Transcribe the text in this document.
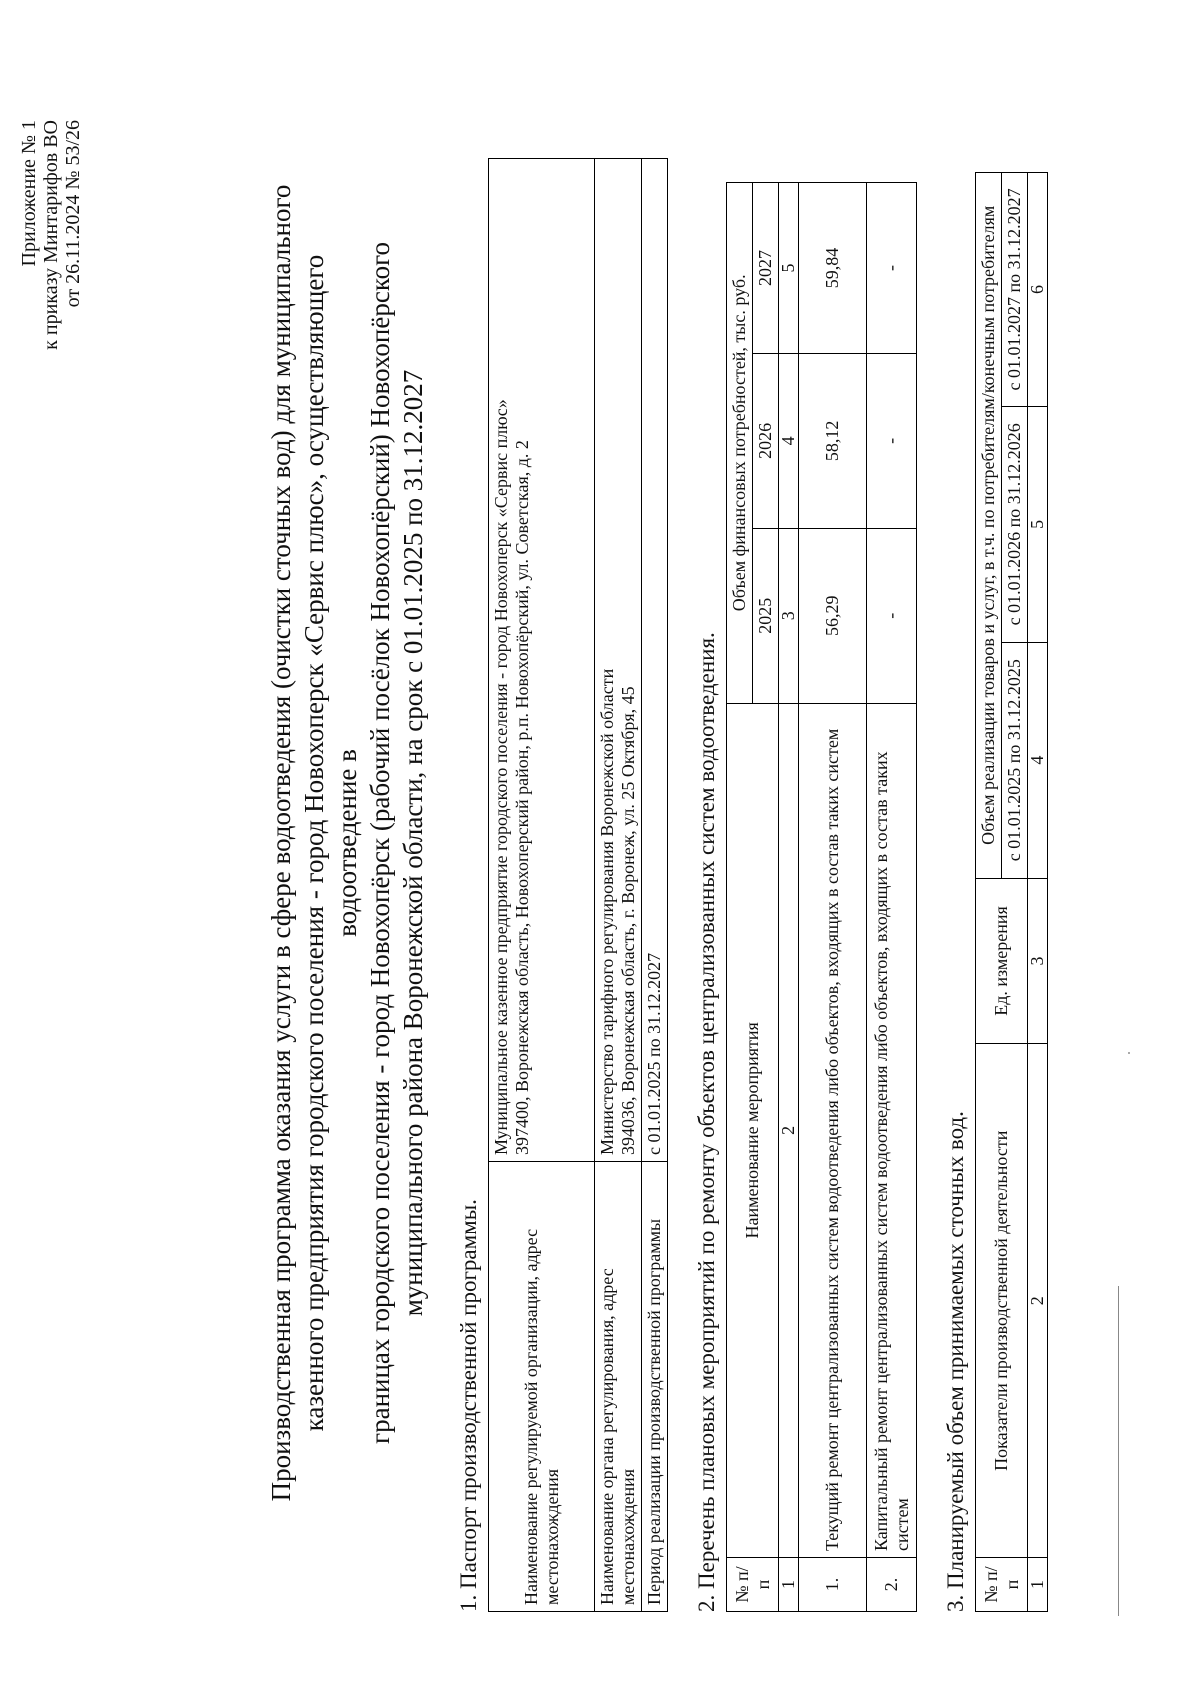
Приложение № 1 к приказу Минтарифов ВО от 26.11.2024 № 53/26	Производственная программа оказания услуги в сфере водоотведения (очистки сточных вод) для муниципального казенного предприятия городского поселения - город Новохоперск «Сервис плюс», осуществляющего водоотведение в границах городского поселения - город Новохопёрск (рабочий посёлок Новохопёрский) Новохопёрского муниципального района Воронежской области, на срок с 01.01.2025 по 31.12.2027
1. Паспорт производственной программы. Наименование регулируемой организации, адрес местонахождения	Муниципальное казенное предприятие городского поселения - город Новохоперск «Сервис плюс» 397400, Воронежская область, Новохоперский район, р.п. Новохопёрский, ул. Советская, д. 2

Наименование органа регулирования, адрес местонахождения	Министерство тарифного регулирования Воронежской области 394036, Воронежская область, г. Воронеж, ул. 25 Октября, 45

Период реализации производственной программы	с 01.01.2025 по 31.12.2027 2. Перечень плановых мероприятий по ремонту объектов централизованных систем водоотведения. № п/п	Наименование мероприятия	Объем финансовых потребностей, тыс. руб.		
		2025	2026	2027
1	2	3	4	5
1.	Текущий ремонт централизованных систем водоотведения либо объектов, входящих в состав таких систем	56,29	58,12	59,84
2.	Капитальный ремонт централизованных систем водоотведения либо объектов, входящих в состав таких систем	-	-	-
3. Планируемый объем принимаемых сточных вод. № п/п	Показатели производственной деятельности	Ед. измерения	Объем реализации товаров и услуг, в т.ч. по потребителям/конечным потребителям		
			с 01.01.2025 по 31.12.2025	с 01.01.2026 по 31.12.2026	с 01.01.2027 по 31.12.2027
1	2	3	4	5	6
